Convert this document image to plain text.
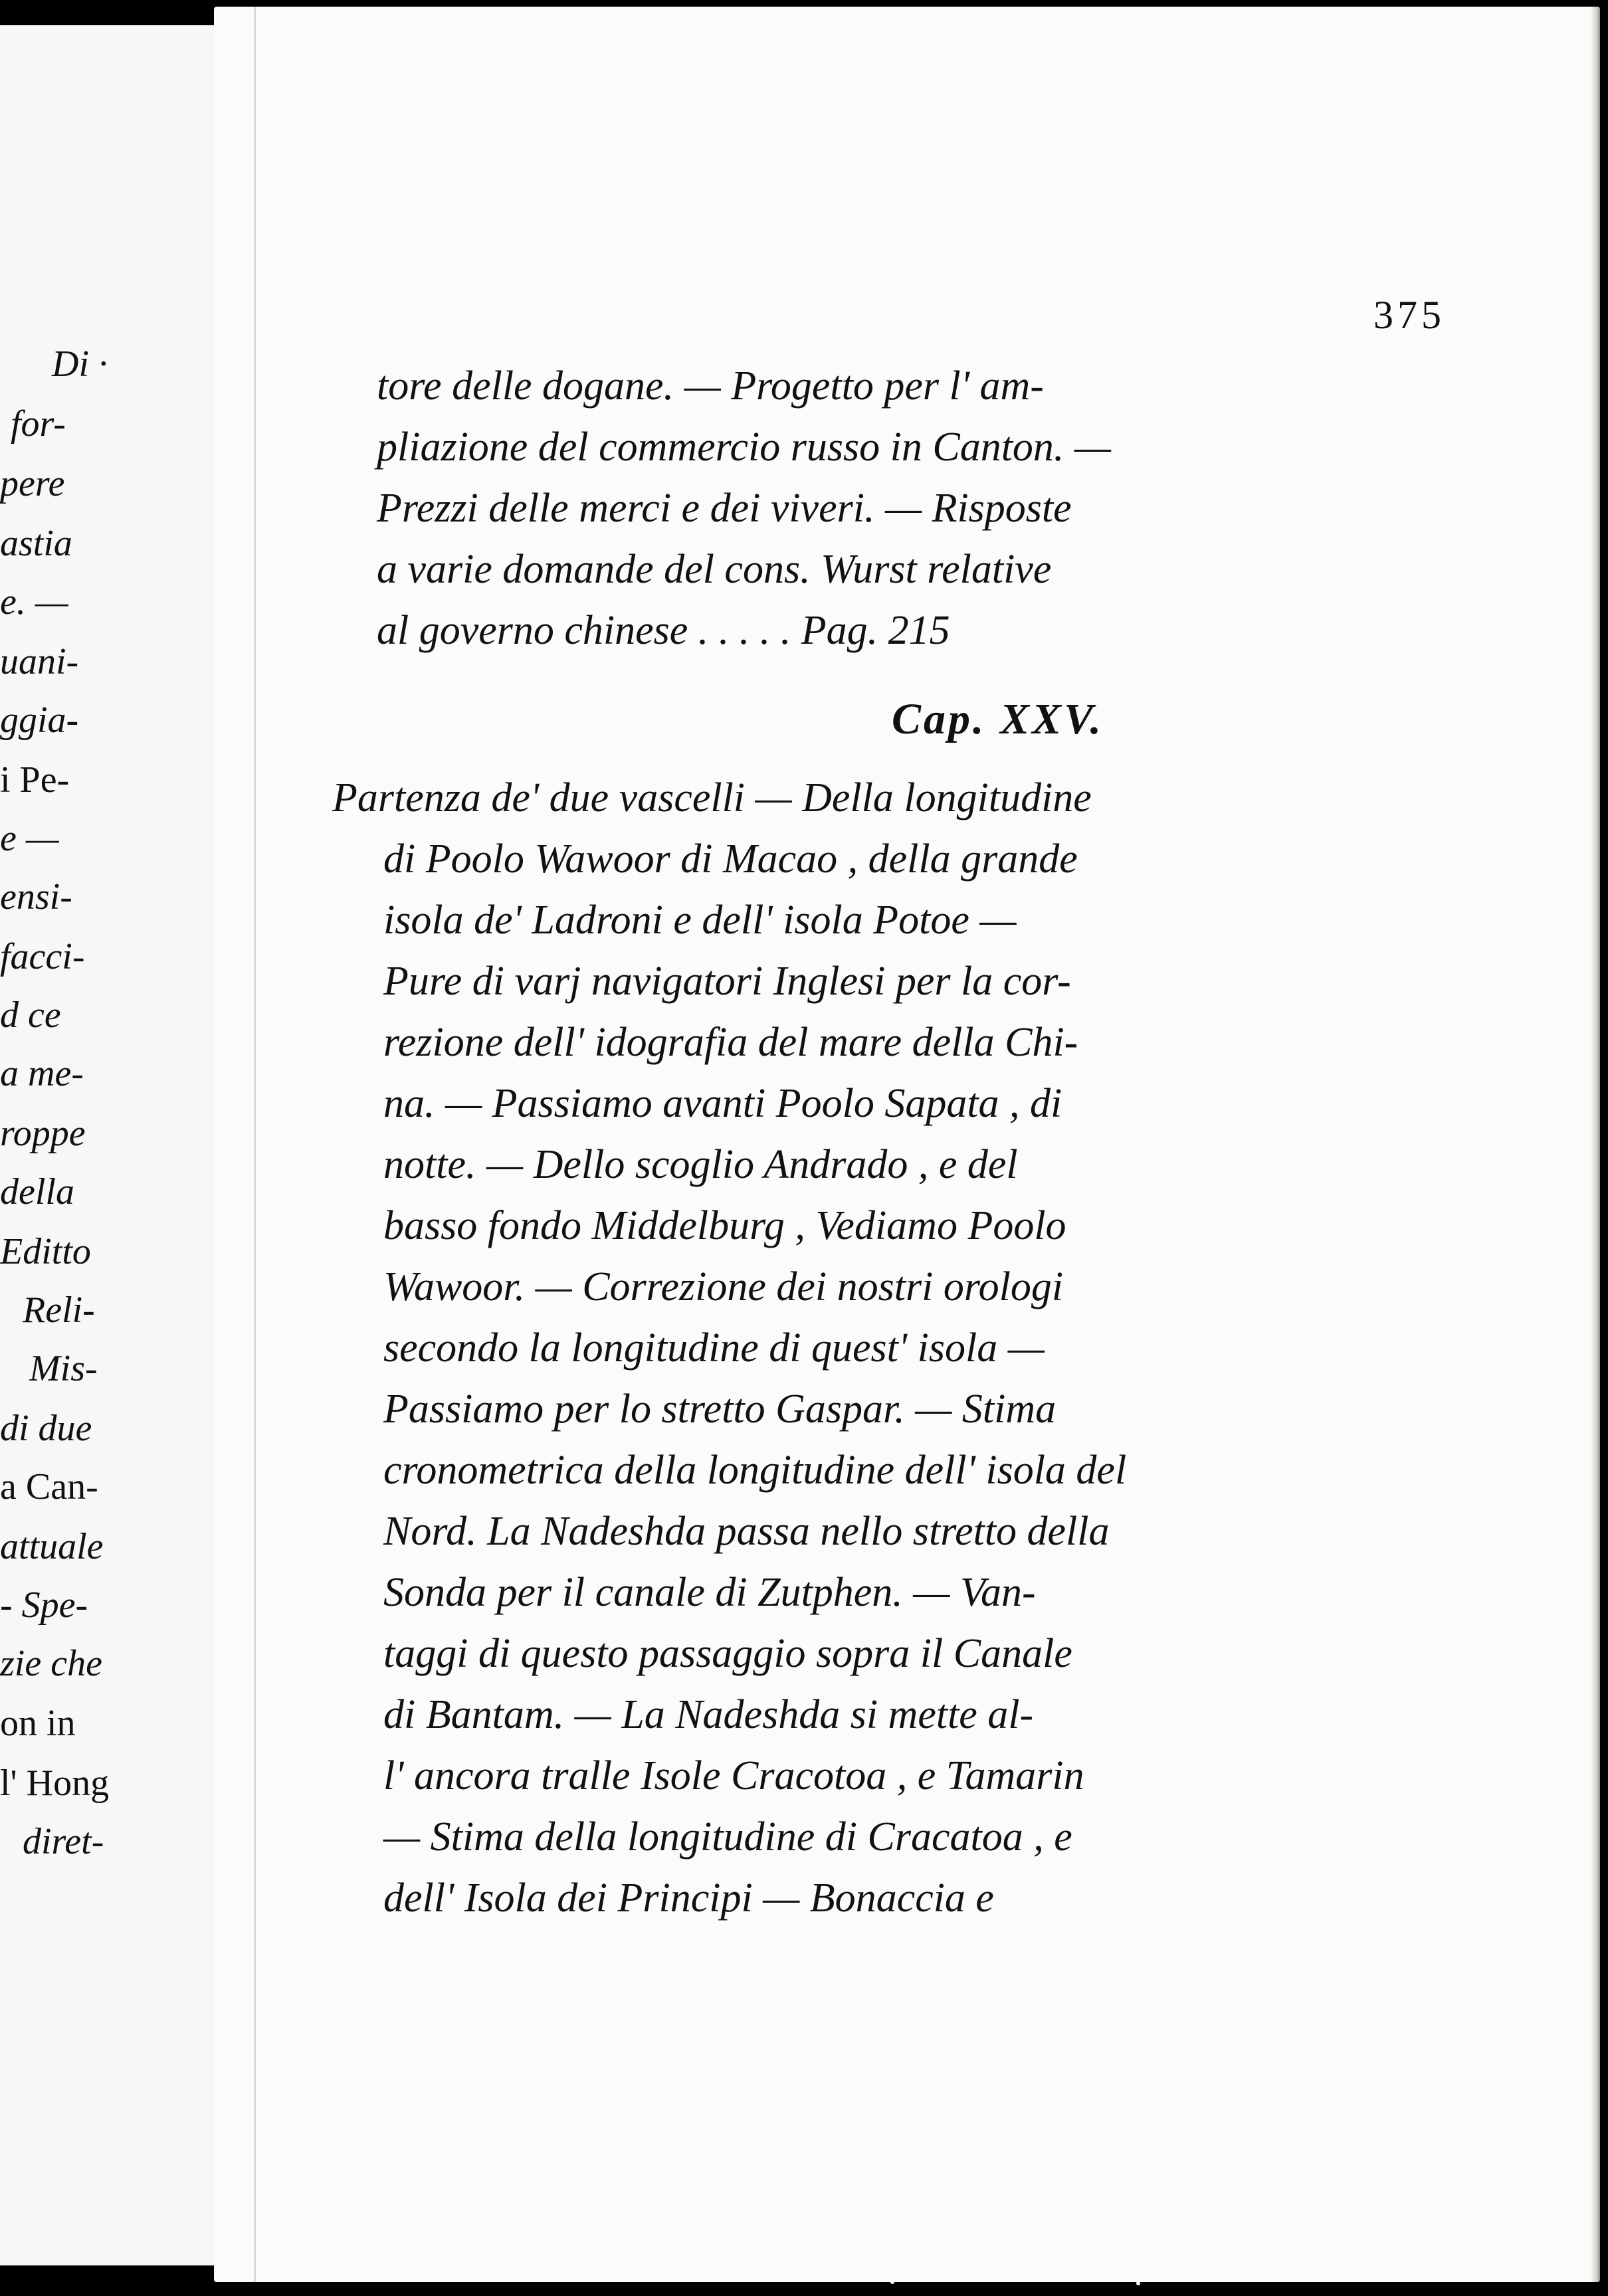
Di ·
for-
pere
astia
e. —
uani-
ggia-
i Pe-
e —
ensi-
facci-
d ce
a me-
roppe
della
Editto
Reli-
Mis-
di due
a Can-
attuale
- Spe-
zie che
on in
l' Hong
diret-
375
tore delle dogane. — Progetto per l' am-
pliazione del commercio russo in Canton. —
Prezzi delle merci e dei viveri. — Risposte
a varie domande del cons. Wurst relative
al governo chinese . . . . . Pag. 215
Cap. XXV.
Partenza de' due vascelli — Della longitudine
di Poolo Wawoor di Macao , della grande
isola de' Ladroni e dell' isola Potoe —
Pure di varj navigatori Inglesi per la cor-
rezione dell' idografia del mare della Chi-
na. — Passiamo avanti Poolo Sapata , di
notte. — Dello scoglio Andrado , e del
basso fondo Middelburg , Vediamo Poolo
Wawoor. — Correzione dei nostri orologi
secondo la longitudine di quest' isola —
Passiamo per lo stretto Gaspar. — Stima
cronometrica della longitudine dell' isola del
Nord. La Nadeshda passa nello stretto della
Sonda per il canale di Zutphen. — Van-
taggi di questo passaggio sopra il Canale
di Bantam. — La Nadeshda si mette al-
l' ancora tralle Isole Cracotoa , e Tamarin
— Stima della longitudine di Cracatoa , e
dell' Isola dei Principi — Bonaccia e
